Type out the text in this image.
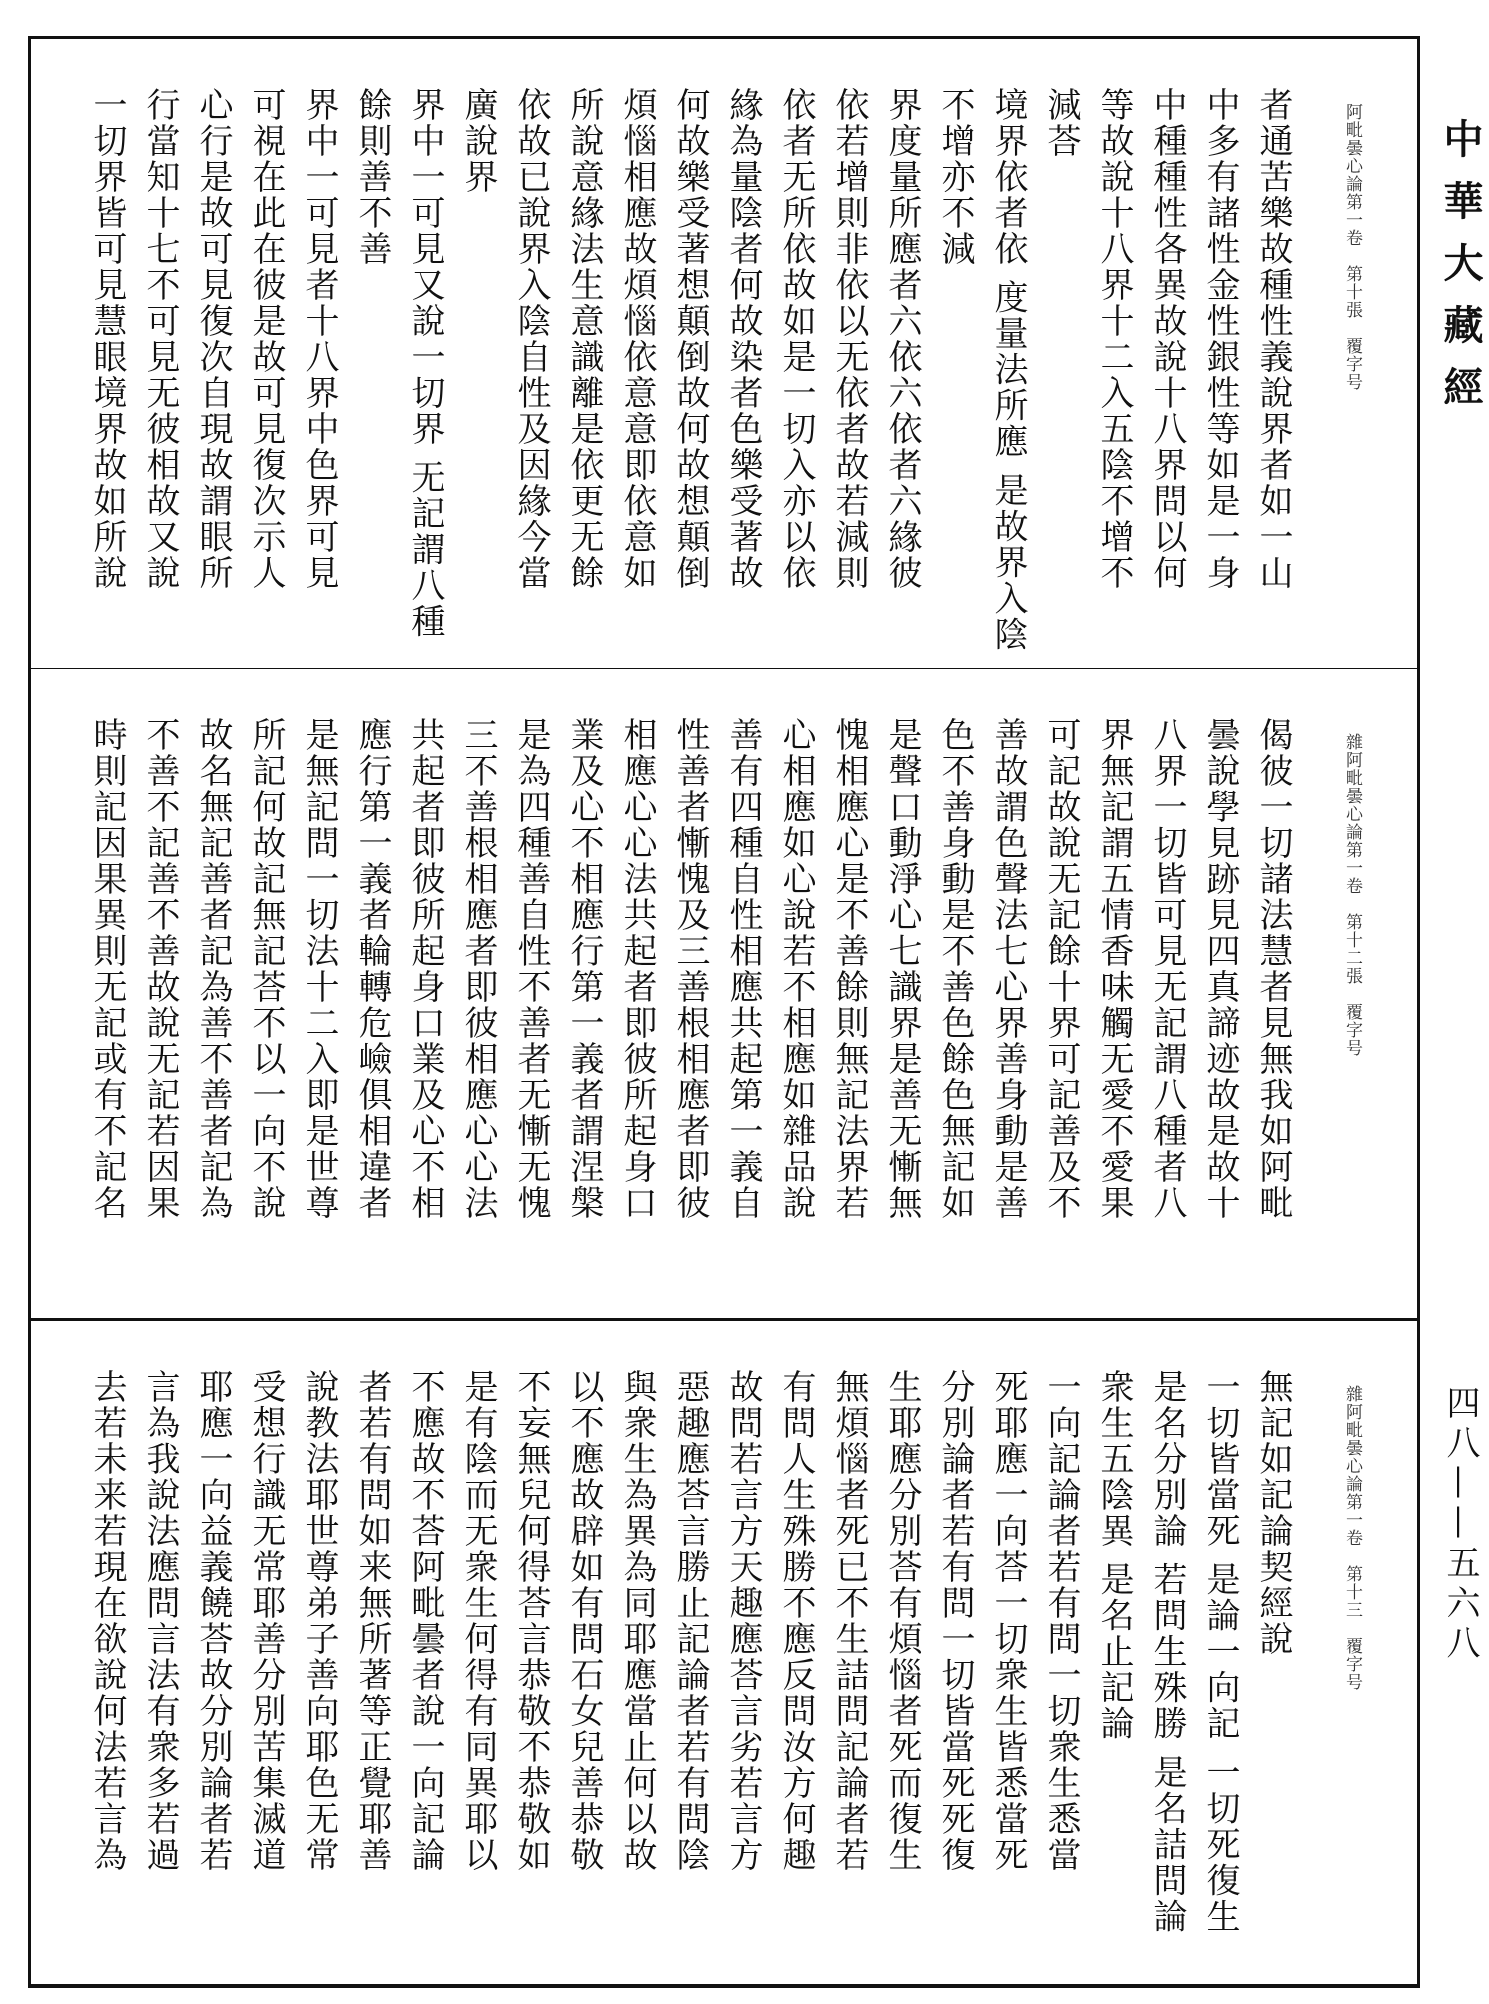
阿毗曇心論第一卷　第十張　覆字号
者通苦樂故種性義說界者如一山
中多有諸性金性銀性等如是一身
中種種性各異故說十八界問以何
等故說十八界十二入五陰不增不
減荅
境界依者依 度量法所應 是故界入陰
不增亦不減
界度量所應者六依六依者六緣彼
依若增則非依以无依者故若減則
依者无所依故如是一切入亦以依
緣為量陰者何故染者色樂受著故
何故樂受著想顛倒故何故想顛倒
煩惱相應故煩惱依意意即依意如
所說意緣法生意識離是依更无餘
依故已說界入陰自性及因緣今當
廣說界
界中一可見又說一切界 无記謂八種
餘則善不善
界中一可見者十八界中色界可見
可視在此在彼是故可見復次示人
心行是故可見復次自現故謂眼所
行當知十七不可見无彼相故又說
一切界皆可見慧眼境界故如所說
雜阿毗曇心論第一卷　第十二張　覆字号
偈彼一切諸法慧者見無我如阿毗
曇說學見跡見四真諦迹故是故十
八界一切皆可見无記謂八種者八
界無記謂五情香味觸无愛不愛果
可記故說无記餘十界可記善及不
善故謂色聲法七心界善身動是善
色不善身動是不善色餘色無記如
是聲口動淨心七識界是善无慚無
愧相應心是不善餘則無記法界若
心相應如心說若不相應如雜品說
善有四種自性相應共起第一義自
性善者慚愧及三善根相應者即彼
相應心心法共起者即彼所起身口
業及心不相應行第一義者謂涅槃
是為四種善自性不善者无慚无愧
三不善根相應者即彼相應心心法
共起者即彼所起身口業及心不相
應行第一義者輪轉危嶮俱相違者
是無記問一切法十二入即是世尊
所記何故記無記荅不以一向不說
故名無記善者記為善不善者記為
不善不記善不善故說无記若因果
時則記因果異則无記或有不記名
雜阿毗曇心論第一卷　第十三　覆字号
無記如記論契經說
一切皆當死 是論一向記 一切死復生
是名分別論 若問生殊勝 是名詰問論
衆生五陰異 是名止記論
一向記論者若有問一切衆生悉當
死耶應一向荅一切衆生皆悉當死
分別論者若有問一切皆當死死復
生耶應分別荅有煩惱者死而復生
無煩惱者死已不生詰問記論者若
有問人生殊勝不應反問汝方何趣
故問若言方天趣應荅言劣若言方
惡趣應荅言勝止記論者若有問陰
與衆生為異為同耶應當止何以故
以不應故辟如有問石女兒善恭敬
不妄無兒何得荅言恭敬不恭敬如
是有陰而无衆生何得有同異耶以
不應故不荅阿毗曇者說一向記論
者若有問如来無所著等正覺耶善
說教法耶世尊弟子善向耶色无常
受想行識无常耶善分別苦集滅道
耶應一向益義饒荅故分別論者若
言為我說法應問言法有衆多若過
去若未来若現在欲說何法若言為
中華大藏經
四八——五六八
